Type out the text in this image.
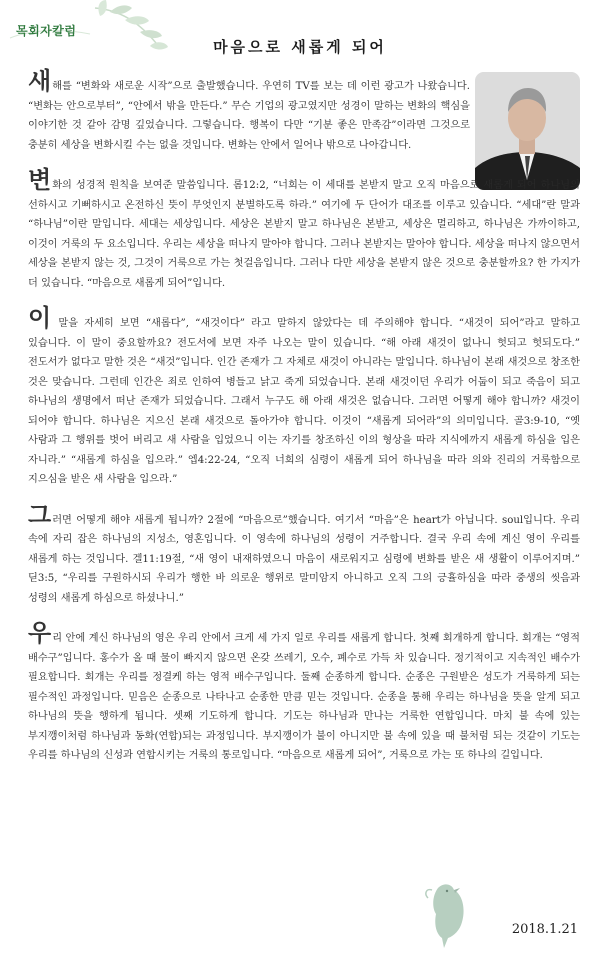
목회자칼럼
마음으로 새롭게 되어

새해를 “변화와 새로운 시작”으로 출발했습니다. 우연히 TV를 보는 데 이런 광고가 나왔습니다. “변화는 안으로부터”, “안에서 밖을 만든다.” 무슨 기업의 광고였지만 성경이 말하는 변화의 핵심을 이야기한 것 같아 감명 깊었습니다. 그렇습니다. 행복이 다만 “기분 좋은 만족감”이라면 그것으로 충분히 세상을 변화시킬 수는 없을 것입니다. 변화는 안에서 일어나 밖으로 나아갑니다.

변화의 성경적 원칙을 보여준 말씀입니다. 롬12:2, “너희는 이 세대를 본받지 말고 오직 마음으로 새롭게 되어 하나님의 선하시고 기뻐하시고 온전하신 뜻이 무엇인지 분별하도록 하라.” 여기에 두 단어가 대조를 이루고 있습니다. “세대”란 말과 “하나님”이란 말입니다. 세대는 세상입니다. 세상은 본받지 말고 하나님은 본받고, 세상은 멀리하고, 하나님은 가까이하고, 이것이 거룩의 두 요소입니다. 우리는 세상을 떠나지 말아야 합니다. 그러나 본받지는 말아야 합니다. 세상을 떠나지 않으면서 세상을 본받지 않는 것, 그것이 거룩으로 가는 첫걸음입니다. 그러나 다만 세상을 본받지 않은 것으로 충분할까요? 한 가지가 더 있습니다. “마음으로 새롭게 되어”입니다.

이 말을 자세히 보면 “새롭다”, “새것이다” 라고 말하지 않았다는 데 주의해야 합니다. “새것이 되어”라고 말하고 있습니다. 이 말이 중요할까요? 전도서에 보면 자주 나오는 말이 있습니다. “해 아래 새것이 없나니 헛되고 헛되도다.” 전도서가 없다고 말한 것은 “새것”입니다. 인간 존재가 그 자체로 새것이 아니라는 말입니다. 하나님이 본래 새것으로 창조한 것은 맞습니다. 그런데 인간은 죄로 인하여 병들고 낡고 죽게 되었습니다. 본래 새것이던 우리가 어둡이 되고 죽음이 되고 하나님의 생명에서 떠난 존재가 되었습니다. 그래서 누구도 해 아래 새것은 없습니다. 그러면 어떻게 해야 합니까? 새것이 되어야 합니다. 하나님은 지으신 본래 새것으로 돌아가야 합니다. 이것이 “새롭게 되어라”의 의미입니다. 골3:9-10, “옛 사람과 그 행위를 벗어 버리고 새 사람을 입었으니 이는 자기를 창조하신 이의 형상을 따라 지식에까지 새롭게 하심을 입은 자니라.” “새롭게 하심을 입으라.” 엡4:22-24, “오직 너희의 심령이 새롭게 되어 하나님을 따라 의와 진리의 거룩함으로 지으심을 받은 새 사람을 입으라.”

그러면 어떻게 해야 새롭게 됩니까? 2절에 “마음으로”했습니다. 여기서 “마음”은 heart가 아닙니다. soul입니다. 우리 속에 자리 잡은 하나님의 지성소, 영혼입니다. 이 영속에 하나님의 성령이 거주합니다. 결국 우리 속에 계신 영이 우리를 새롭게 하는 것입니다. 겔11:19절, “새 영이 내재하였으니 마음이 새로워지고 심령에 변화를 받은 새 생활이 이루어지며.” 딛3:5, “우리를 구원하시되 우리가 행한 바 의로운 행위로 말미암지 아니하고 오직 그의 긍휼하심을 따라 중생의 씻음과 성령의 새롭게 하심으로 하셨나니.”

우리 안에 계신 하나님의 영은 우리 안에서 크게 세 가지 일로 우리를 새롭게 합니다. 첫째 회개하게 합니다. 회개는 “영적 배수구”입니다. 홍수가 올 때 물이 빠지지 않으면 온갖 쓰레기, 오수, 폐수로 가득 차 있습니다. 정기적이고 지속적인 배수가 필요합니다. 회개는 우리를 정결케 하는 영적 배수구입니다. 둘째 순종하게 합니다. 순종은 구원받은 성도가 거룩하게 되는 필수적인 과정입니다. 믿음은 순종으로 나타나고 순종한 만큼 믿는 것입니다. 순종을 통해 우리는 하나님을 뜻을 알게 되고 하나님의 뜻을 행하게 됩니다. 셋째 기도하게 합니다. 기도는 하나님과 만나는 거룩한 연합입니다. 마치 불 속에 있는 부지깽이처럼 하나님과 동화(연합)되는 과정입니다. 부지깽이가 불이 아니지만 불 속에 있을 때 불처럼 되는 것같이 기도는 우리를 하나님의 신성과 연합시키는 거룩의 통로입니다. “마음으로 새롭게 되어”, 거룩으로 가는 또 하나의 길입니다.

2018.1.21
